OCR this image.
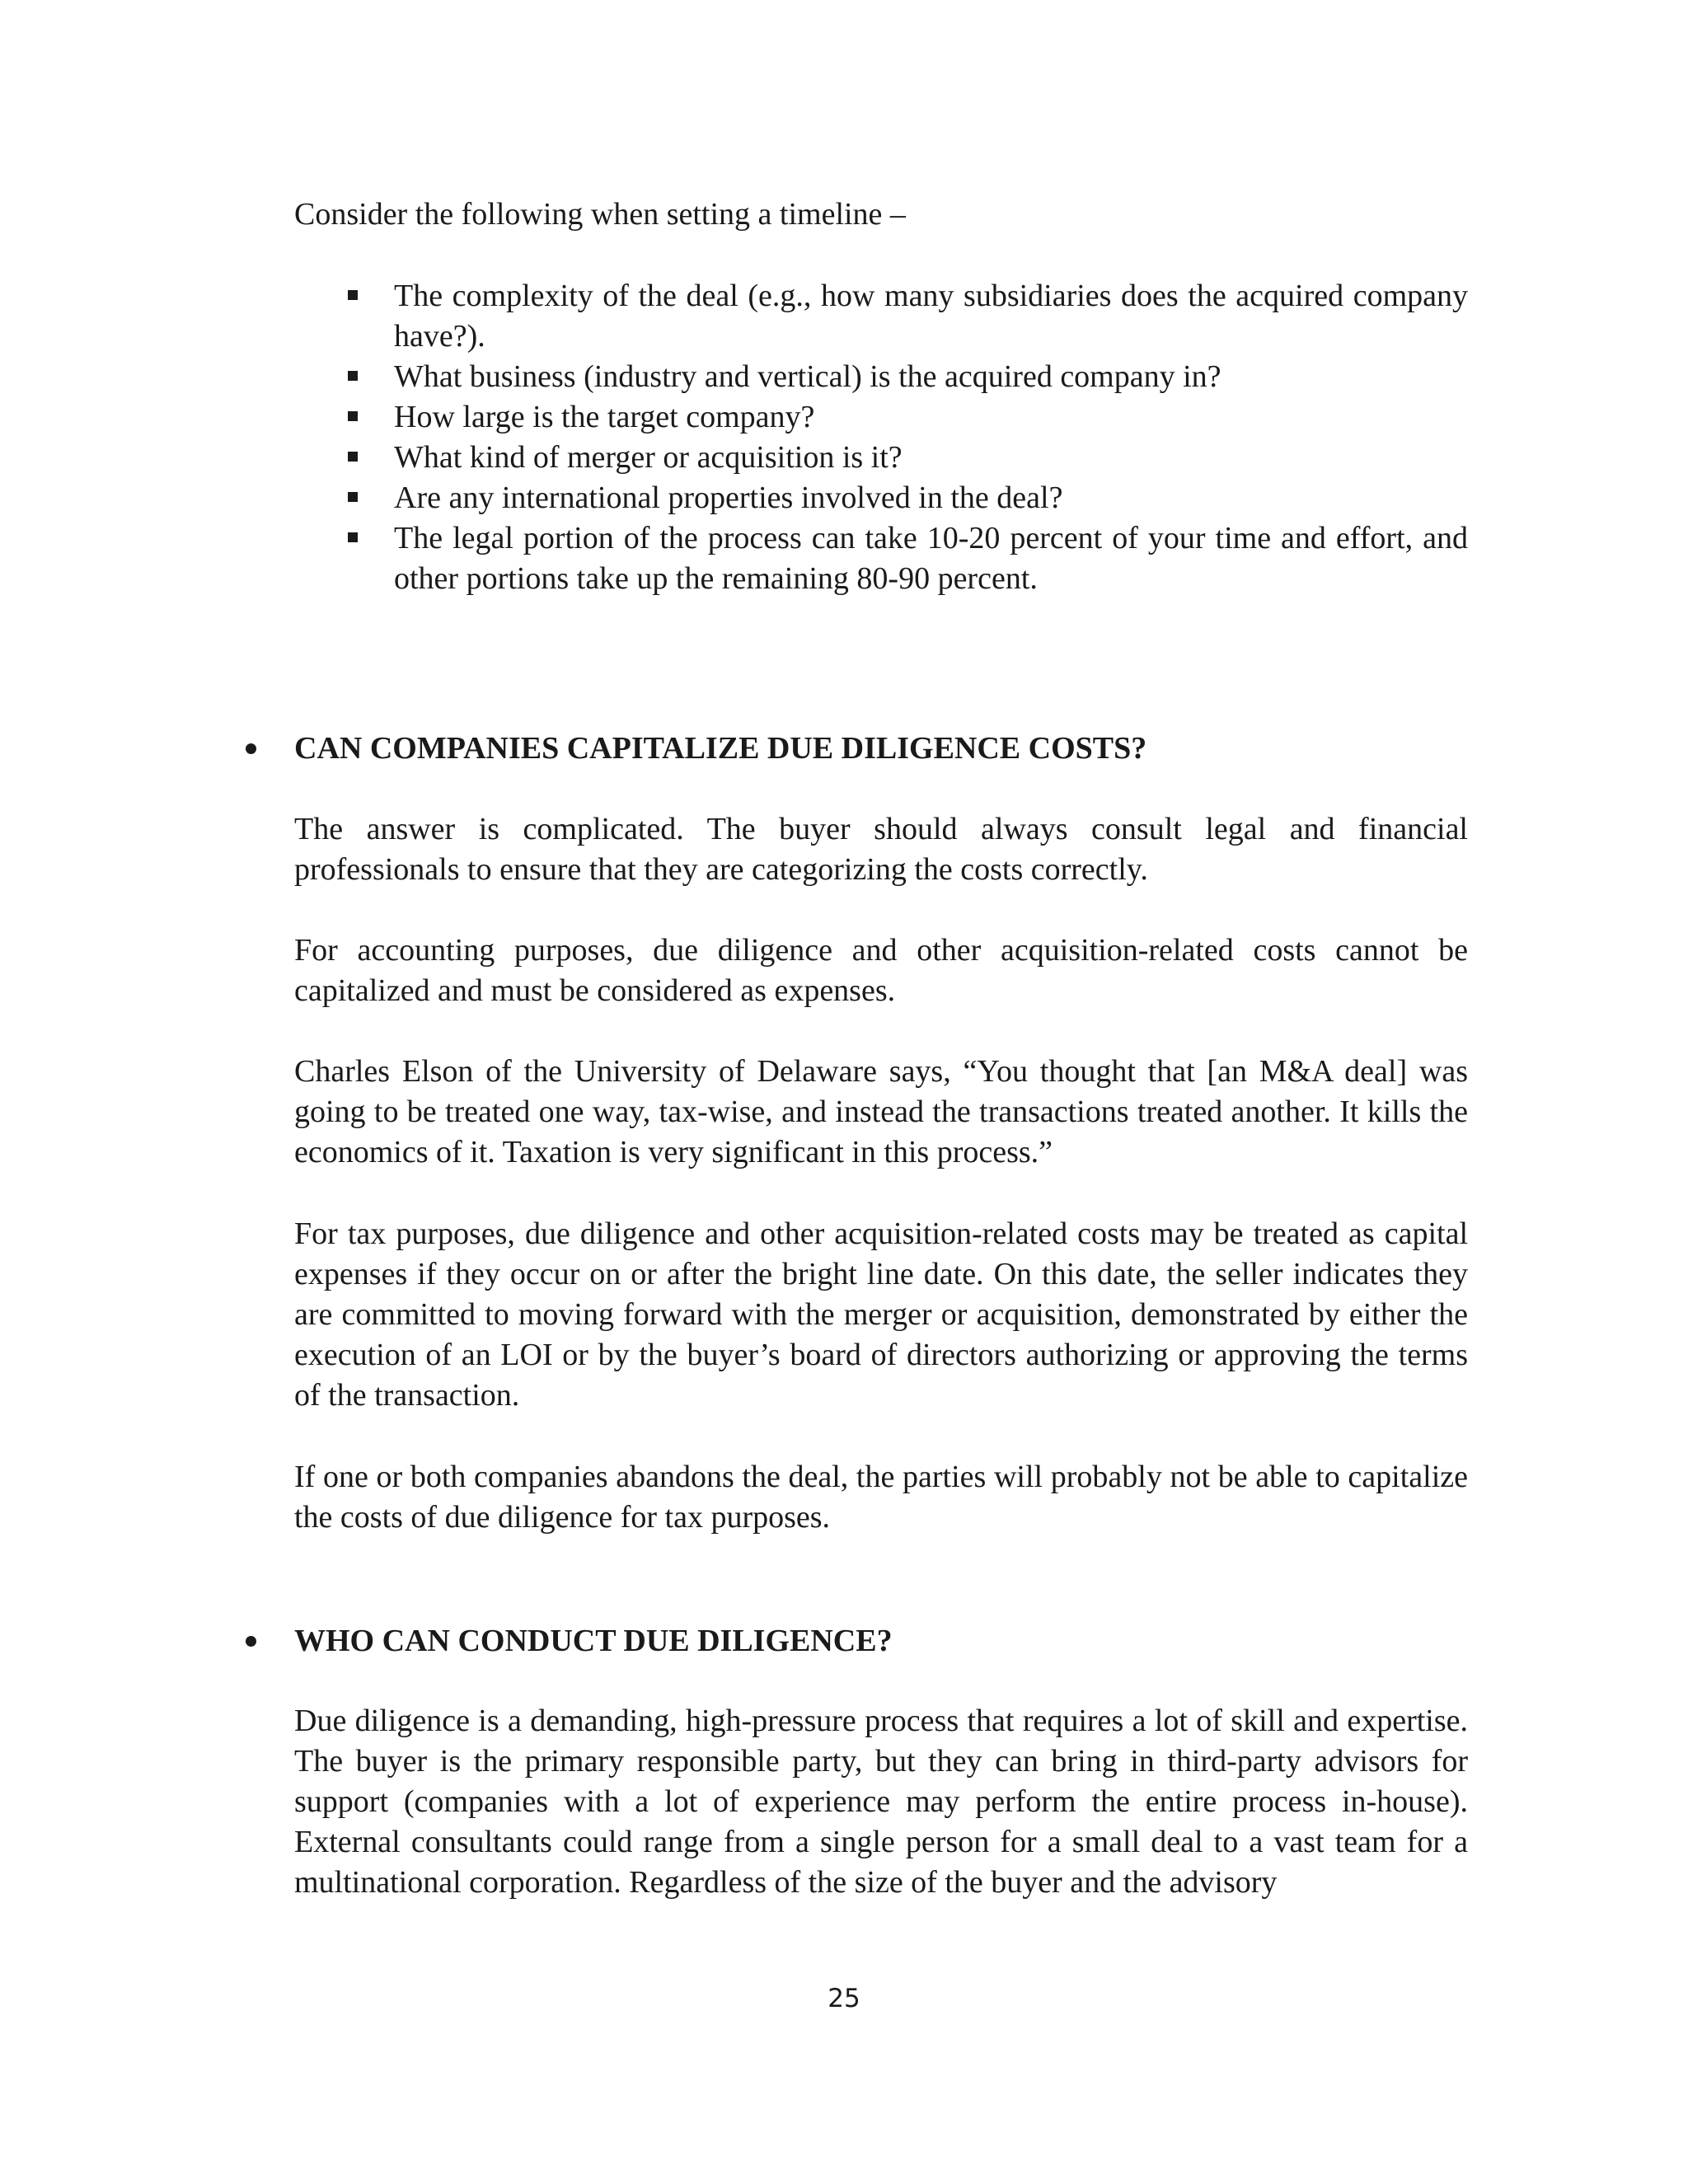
Consider the following when setting a timeline –

The complexity of the deal (e.g., how many subsidiaries does the acquired company have?).
What business (industry and vertical) is the acquired company in?
How large is the target company?
What kind of merger or acquisition is it?
Are any international properties involved in the deal?
The legal portion of the process can take 10-20 percent of your time and effort, and other portions take up the remaining 80-90 percent.
CAN COMPANIES CAPITALIZE DUE DILIGENCE COSTS?

The answer is complicated. The buyer should always consult legal and financial professionals to ensure that they are categorizing the costs correctly.

For accounting purposes, due diligence and other acquisition-related costs cannot be capitalized and must be considered as expenses.

Charles Elson of the University of Delaware says, “You thought that [an M&A deal] was going to be treated one way, tax-wise, and instead the transactions treated another. It kills the economics of it. Taxation is very significant in this process.”

For tax purposes, due diligence and other acquisition-related costs may be treated as capital expenses if they occur on or after the bright line date. On this date, the seller indicates they are committed to moving forward with the merger or acquisition, demonstrated by either the execution of an LOI or by the buyer’s board of directors authorizing or approving the terms of the transaction.

If one or both companies abandons the deal, the parties will probably not be able to capitalize the costs of due diligence for tax purposes.

WHO CAN CONDUCT DUE DILIGENCE?

Due diligence is a demanding, high-pressure process that requires a lot of skill and expertise. The buyer is the primary responsible party, but they can bring in third-party advisors for support (companies with a lot of experience may perform the entire process in-house). External consultants could range from a single person for a small deal to a vast team for a multinational corporation. Regardless of the size of the buyer and the advisory

25
